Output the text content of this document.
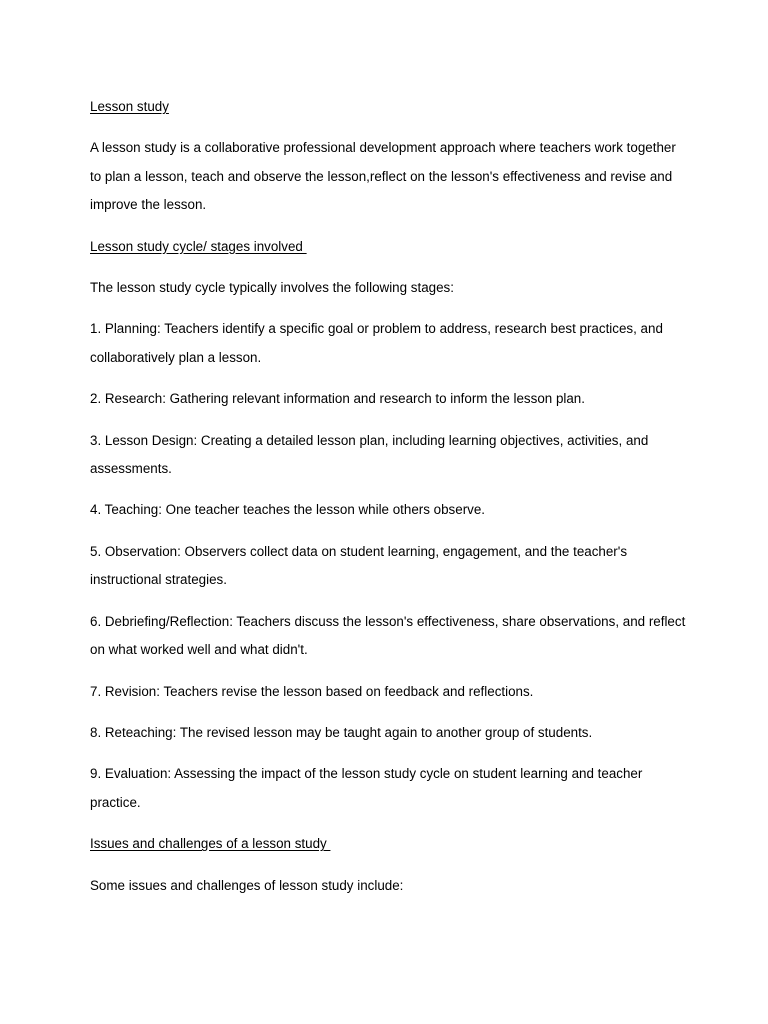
Lesson study

A lesson study is a collaborative professional development approach where teachers work together to plan a lesson, teach and observe the lesson,reflect on the lesson's effectiveness and revise and improve the lesson.

Lesson study cycle/ stages involved

The lesson study cycle typically involves the following stages:

1. Planning: Teachers identify a specific goal or problem to address, research best practices, and collaboratively plan a lesson.

2. Research: Gathering relevant information and research to inform the lesson plan.

3. Lesson Design: Creating a detailed lesson plan, including learning objectives, activities, and assessments.

4. Teaching: One teacher teaches the lesson while others observe.

5. Observation: Observers collect data on student learning, engagement, and the teacher's instructional strategies.

6. Debriefing/Reflection: Teachers discuss the lesson's effectiveness, share observations, and reflect on what worked well and what didn't.

7. Revision: Teachers revise the lesson based on feedback and reflections.

8. Reteaching: The revised lesson may be taught again to another group of students.

9. Evaluation: Assessing the impact of the lesson study cycle on student learning and teacher practice.

Issues and challenges of a lesson study

Some issues and challenges of lesson study include:
